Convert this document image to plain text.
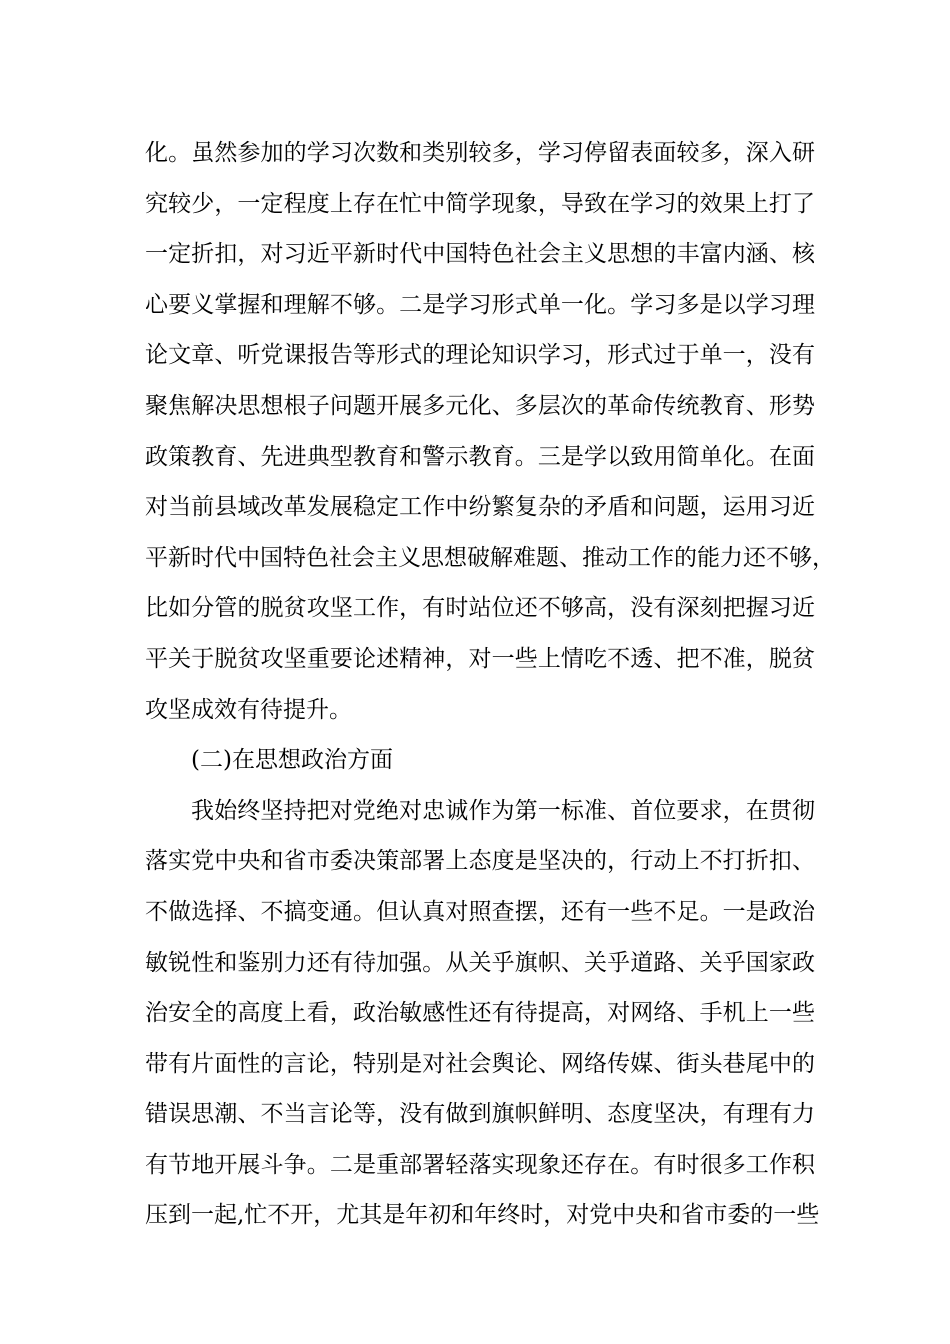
化。虽然参加的学习次数和类别较多，学习停留表面较多，深入研
究较少，一定程度上存在忙中简学现象，导致在学习的效果上打了
一定折扣，对习近平新时代中国特色社会主义思想的丰富内涵、核
心要义掌握和理解不够。二是学习形式单一化。学习多是以学习理
论文章、听党课报告等形式的理论知识学习，形式过于单一，没有
聚焦解决思想根子问题开展多元化、多层次的革命传统教育、形势
政策教育、先进典型教育和警示教育。三是学以致用简单化。在面
对当前县域改革发展稳定工作中纷繁复杂的矛盾和问题，运用习近
平新时代中国特色社会主义思想破解难题、推动工作的能力还不够，
比如分管的脱贫攻坚工作，有时站位还不够高，没有深刻把握习近
平关于脱贫攻坚重要论述精神，对一些上情吃不透、把不准，脱贫
攻坚成效有待提升。
(二)在思想政治方面
我始终坚持把对党绝对忠诚作为第一标准、首位要求，在贯彻
落实党中央和省市委决策部署上态度是坚决的，行动上不打折扣、
不做选择、不搞变通。但认真对照查摆，还有一些不足。一是政治
敏锐性和鉴别力还有待加强。从关乎旗帜、关乎道路、关乎国家政
治安全的高度上看，政治敏感性还有待提高，对网络、手机上一些
带有片面性的言论，特别是对社会舆论、网络传媒、街头巷尾中的
错误思潮、不当言论等，没有做到旗帜鲜明、态度坚决，有理有力
有节地开展斗争。二是重部署轻落实现象还存在。有时很多工作积
压到一起,忙不开，尤其是年初和年终时，对党中央和省市委的一些
